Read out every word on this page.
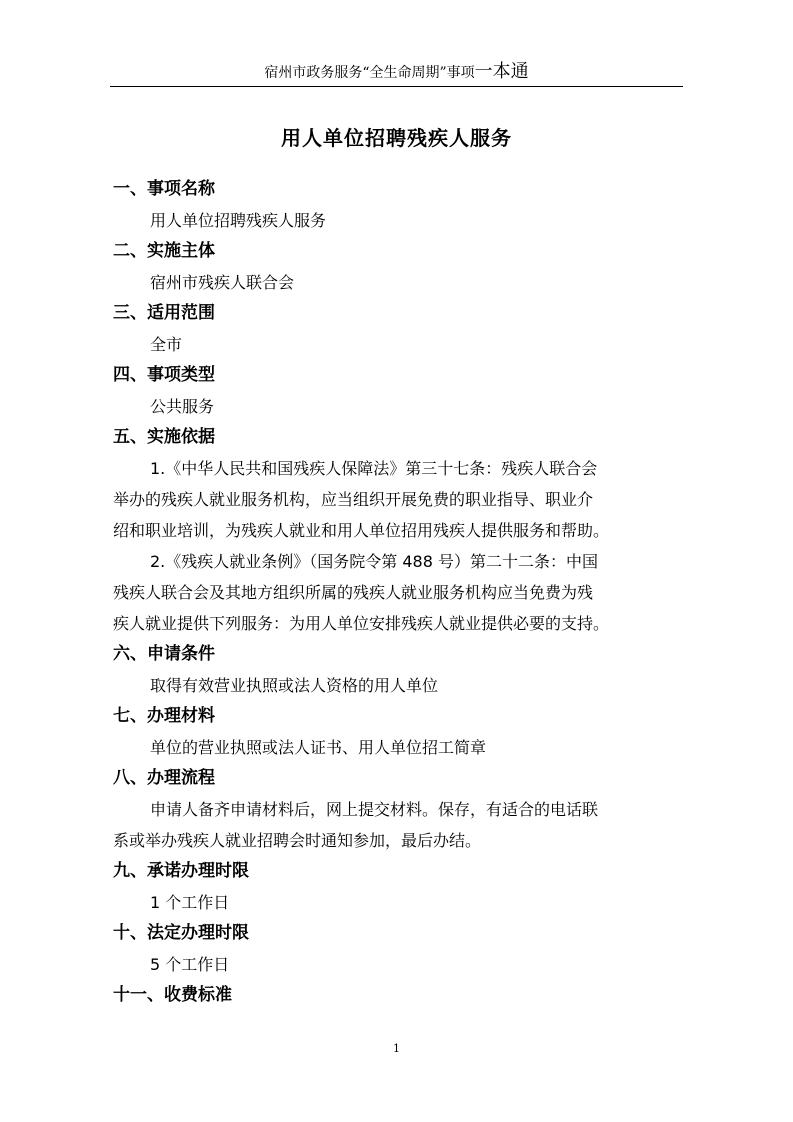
宿州市政务服务“全生命周期”事项一本通
用人单位招聘残疾人服务
一、事项名称
用人单位招聘残疾人服务
二、实施主体
宿州市残疾人联合会
三、适用范围
全市
四、事项类型
公共服务
五、实施依据
1.《中华人民共和国残疾人保障法》第三十七条：残疾人联合会
举办的残疾人就业服务机构，应当组织开展免费的职业指导、职业介
绍和职业培训，为残疾人就业和用人单位招用残疾人提供服务和帮助。
2.《残疾人就业条例》（国务院令第 488 号）第二十二条：中国
残疾人联合会及其地方组织所属的残疾人就业服务机构应当免费为残
疾人就业提供下列服务：为用人单位安排残疾人就业提供必要的支持。
六、申请条件
取得有效营业执照或法人资格的用人单位
七、办理材料
单位的营业执照或法人证书、用人单位招工简章
八、办理流程
申请人备齐申请材料后，网上提交材料。保存，有适合的电话联
系或举办残疾人就业招聘会时通知参加，最后办结。
九、承诺办理时限
1 个工作日
十、法定办理时限
5 个工作日
十一、收费标准
1
